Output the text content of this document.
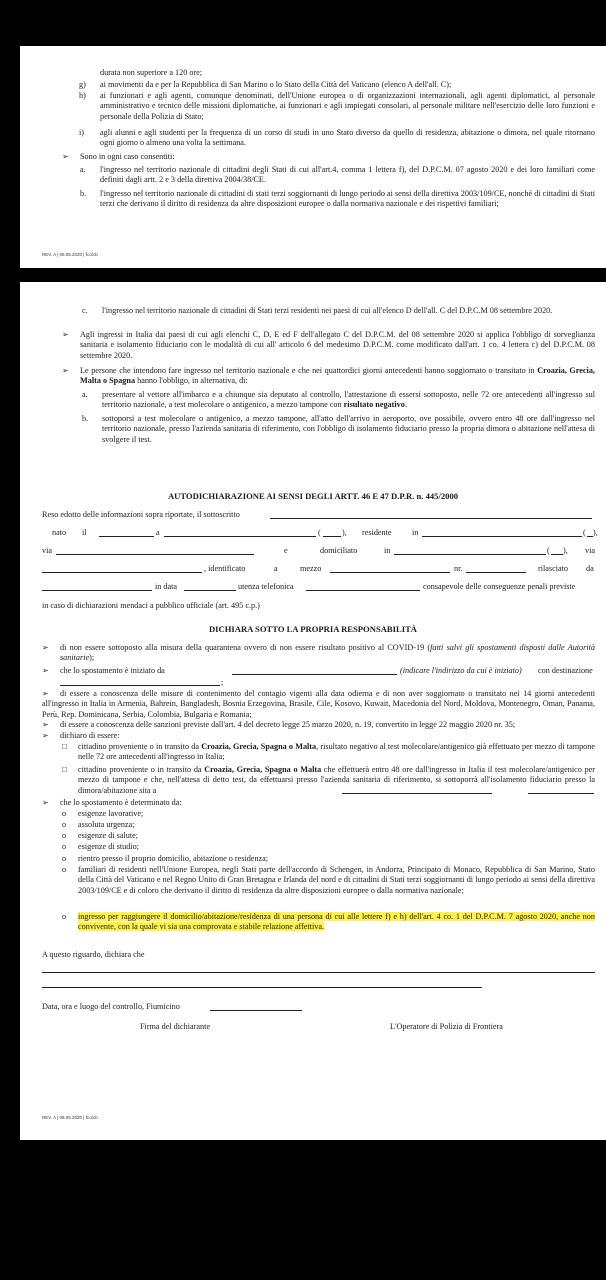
durata non superiore a 120 ore;

g) ai movimenti da e per la Repubblica di San Marino o lo Stato della Città del Vaticano (elenco A dell'all. C);

h) ai funzionari e agli agenti, comunque denominati, dell'Unione europea o di organizzazioni internazionali, agli agenti diplomatici, al personale amministrativo e tecnico delle missioni diplomatiche, ai funzionari e agli impiegati consolari, al personale militare nell'esercizio delle loro funzioni e personale della Polizia di Stato;

i) agli alunni e agli studenti per la frequenza di un corso di studi in uno Stato diverso da quello di residenza, abitazione o dimora, nel quale ritornano ogni giorno o almeno una volta la settimana.

➢ Sono in ogni caso consentiti:

a. l'ingresso nel territorio nazionale di cittadini degli Stati di cui all'art.4, comma 1 lettera f), del D.P.C.M. 07 agosto 2020 e dei loro familiari come definiti dagli artt. 2 e 3 della direttiva 2004/38/CE.

b. l'ingresso nel territorio nazionale di cittadini di stati terzi soggiornanti di lungo periodo ai sensi della direttiva 2003/109/CE, nonché di cittadini di Stati terzi che derivano il diritto di residenza da altre disposizioni europee o dalla normativa nazionale e dei rispettivi familiari;

REV. A | 08.05.2020 | fco/cb
c. l'ingresso nel territorio nazionale di cittadini di Stati terzi residenti nei paesi di cui all'elenco D dell'all. C del D.P.C.M 08 settembre 2020.

➢ Agli ingressi in Italia dai paesi di cui agli elenchi C, D, E ed F dell'allegato C del D.P.C.M. del 08 settembre 2020 si applica l'obbligo di sorveglianza sanitaria e isolamento fiduciario con le modalità di cui all' articolo 6 del medesimo D.P.C.M. come modificato dall'art. 1 co. 4 lettera c) del D.P.C.M. 08 settembre 2020.

➢ Le persone che intendono fare ingresso nel territorio nazionale e che nei quattordici giorni antecedenti hanno soggiornato o transitato in Croazia, Grecia, Malta o Spagna hanno l'obbligo, in alternativa, di:

a. presentare al vettore all'imbarco e a chiunque sia deputato al controllo, l'attestazione di essersi sottoposto, nelle 72 ore antecedenti all'ingresso sul territorio nazionale, a test molecolare o antigenico, a mezzo tampone con risultato negativo.

b. sottoporsi a test molecolare o antigenico, a mezzo tampone, all'atto dell'arrivo in aeroporto, ove possibile, ovvero entro 48 ore dall'ingresso nel territorio nazionale, presso l'azienda sanitaria di riferimento, con l'obbligo di isolamento fiduciario presso la propria dimora o abitazione nell'attesa di svolgere il test.

AUTODICHIARAZIONE AI SENSI DEGLI ARTT. 46 E 47 D.P.R. n. 445/2000
Reso edotto delle informazioni sopra riportate, il sottoscritto
nato il	a	(	), residente in	( ),
via	e	domiciliato	in	( ), via
, identificato	a	mezzo	nr.	rilasciato da
in data	utenza telefonica	consapevole delle conseguenze penali previste

in caso di dichiarazioni mendaci a pubblico ufficiale (art. 495 c.p.)

DICHIARA SOTTO LA PROPRIA RESPONSABILITÀ
➢ di non essere sottoposto alla misura della quarantena ovvero di non essere risultato positivo al COVID-19 (fatti salvi gli spostamenti disposti dalle Autorità sanitarie);

➢ che lo spostamento è iniziato da	(indicare l'indirizzo da cui è iniziato) con destinazione
;
➢	di essere a conoscenza delle misure di contenimento del contagio vigenti alla data odierna e di non aver soggiornato o transitato nei 14 giorni antecedenti all'ingresso in Italia in Armenia, Bahrein, Bangladesh, Bosnia Erzegovina, Brasile, Cile, Kosovo, Kuwait, Macedonia del Nord, Moldova, Montenegro, Oman, Panama, Perù, Rep. Dominicana, Serbia, Colombia, Bulgaria e Romania;

➢ di essere a conoscenza delle sanzioni previste dall'art. 4 del decreto legge 25 marzo 2020, n. 19, convertito in legge 22 maggio 2020 nr. 35;

➢ dichiaro di essere:

□ cittadino proveniente o in transito da Croazia, Grecia, Spagna o Malta, risultato negativo al test molecolare/antigenico già effettuato per mezzo di tampone nelle 72 ore antecedenti all'ingresso in Italia;

□ cittadino proveniente o in transito da Croazia, Grecia, Spagna o Malta che effettuerà entro 48 ore dall'ingresso in Italia il test molecolare/antigenico per mezzo di tampone e che, nell'attesa di detto test, da effettuarsi presso l'azienda sanitaria di riferimento, si sottoporrà all'isolamento fiduciario presso la dimora/abitazione sita a

➢ che lo spostamento è determinato da:

o esigenze lavorative;

o assoluta urgenza;

o esigenze di salute;

o esigenze di studio;

o rientro presso il proprio domicilio, abitazione o residenza;

o familiari di residenti nell'Unione Europea, negli Stati parte dell'accordo di Schengen, in Andorra, Principato di Monaco, Repubblica di San Marino, Stato della Città del Vaticano e nel Regno Unito di Gran Bretagna e Irlanda del nord e di cittadini di Stati terzi soggiornanti di lungo periodo ai sensi della direttiva 2003/109/CE e di coloro che derivano il diritto di residenza da altre disposizioni europee o dalla normativa nazionale;

o ingresso per raggiungere il domicilio/abitazione/residenza di una persona di cui alle lettere f) e h) dell'art. 4 co. 1 del D.P.C.M. 7 agosto 2020, anche non convivente, con la quale vi sia una comprovata e stabile relazione affettiva.

A questo riguardo, dichiara che

Data, ora e luogo del controllo, Fiumicino

Firma del dichiarante	L'Operatore di Polizia di Frontiera

REV. A | 08.05.2020 | fco/cb
